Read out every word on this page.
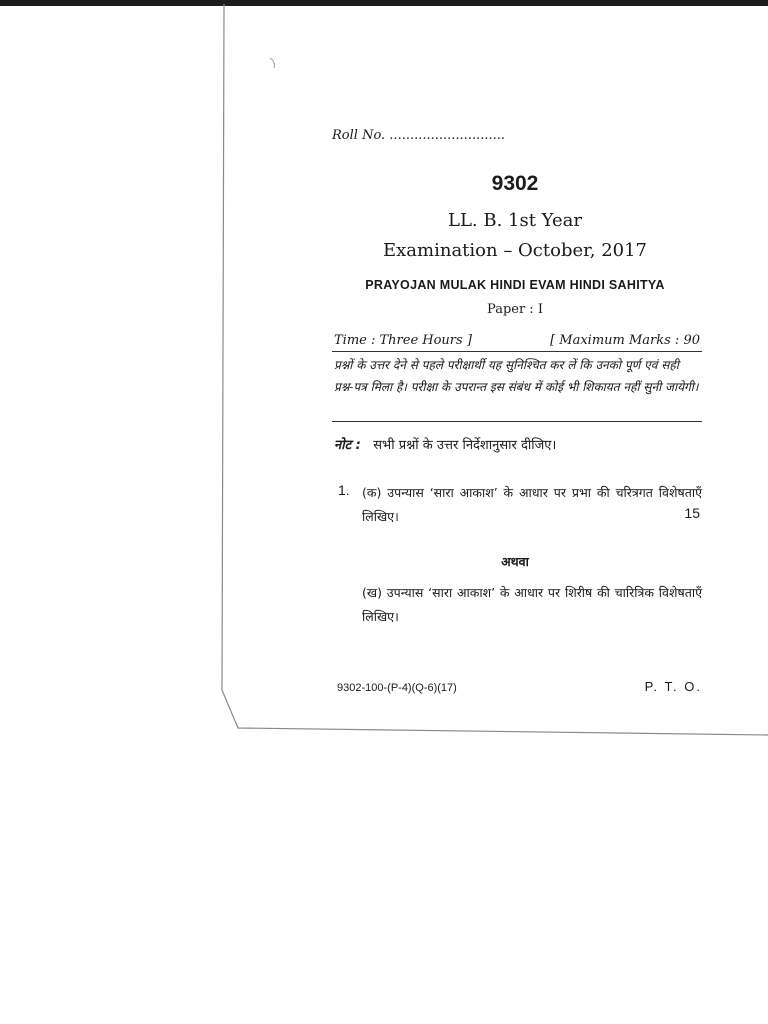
Roll No. ............................
9302
LL. B. 1st Year
Examination – October, 2017
PRAYOJAN MULAK HINDI EVAM HINDI SAHITYA
Paper : I
Time : Three Hours ]	[ Maximum Marks : 90
प्रश्नों के उत्तर देने से पहले परीक्षार्थी यह सुनिश्चित कर लें कि उनको पूर्ण एवं सही प्रश्न-पत्र मिला है। परीक्षा के उपरान्त इस संबंध में कोई भी शिकायत नहीं सुनी जायेगी।
नोट : सभी प्रश्नों के उत्तर निर्देशानुसार दीजिए।
1. (क) उपन्यास ‘सारा आकाश’ के आधार पर प्रभा की चरित्रगत विशेषताएँ लिखिए।	15
अथवा
(ख) उपन्यास ‘सारा आकाश’ के आधार पर शिरीष की चारित्रिक विशेषताएँ लिखिए।
9302-100-(P-4)(Q-6)(17)	P. T. O.
